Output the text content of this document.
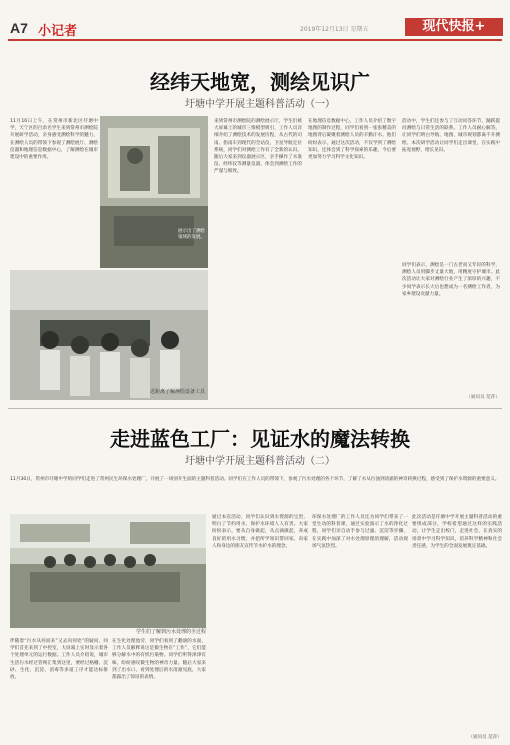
A7 小记者	2019年12月13日 星期五	现代快报+
经纬天地宽，测绘见识广
圩塘中学开展主题科普活动（一）
11月16日上午，在常州市新北区圩塘中学，天宁区的百余名学生来到常州市测绘院开展研学活动，亲身感受测绘科学的魅力，在测绘人员的带领下参观了测绘展厅、测绘仪器和地理信息数据中心，了解测绘在城市建设中的重要作用。
展示出了测绘领域的发展。
近距离了解测绘设备工具
来到常州市测绘院的测绘展示厅，学生们被大屏幕上的城市三维模型吸引，工作人员详细介绍了测绘技术的发展历程，从古代的司南、指南车到现代的全站仪、卫星导航定位系统，同学们对测绘工作有了全新的认识。随后大家来到仪器展示区，亲手操作了水准仪、经纬仪等测量仪器，体会到测绘工作的严谨与细致。
在地理信息数据中心，工作人员介绍了数字地图的制作过程，同学们看到一张张精美的地图背后凝聚着测绘人员的辛勤汗水。他们纷纷表示，通过这次活动，不仅学到了测绘知识，还体会到了科学探索的乐趣，今后要更加努力学习科学文化知识。
活动中，学生们还参与了互动问答环节，踊跃提问测绘与日常生活的联系。工作人员耐心解答，让同学们明白导航、地图、城市规划都离不开测绘。本次研学活动让同学们走出课堂，在实践中拓宽视野，增长见识。
同学们表示，测绘是一门古老而又年轻的科学，测绘人员用脚步丈量大地，用精度守护城市。此次活动让大家对测绘行业产生了浓厚的兴趣，不少同学表示长大后也想成为一名测绘工作者，为家乡建设贡献力量。
（通讯员 范萍）
走进蓝色工厂：见证水的魔法转换
圩塘中学开展主题科普活动（二）
11月30日，常州市圩塘中学的同学们走进了常州民生环保水处理厂，开展了一场别开生面的主题科普活动。同学们在工作人员的带领下，参观了污水处理的各个环节，了解了水从污浊到清澈的神奇转换过程，感受到了保护水资源的重要意义。
学生们了解到污水处理的全过程
伴随着“污水从何而来”又去向何处”的疑问，同学们首先来到了中控室，大屏幕上实时显示着各个处理单元的运行数据。工作人员介绍说，城市生活污水经过管网汇集到这里，要经过格栅、沉砂、生化、沉淀、消毒等多道工序才能达标排放。
在生化处理池旁，同学们看到了翻滚的水面，工作人员解释说这是微生物在“工作”，它们能够分解水中的有机污染物。同学们听得津津有味，纷纷感叹微生物的神奇力量。随后大家来到了出水口，看到处理后的水清澈见底，大家都露出了惊讶的表情。
通过本次活动，同学们认识到水资源的宝贵，明白了节约用水、保护水环境人人有责。大家纷纷表示，要从自身做起，从点滴做起，养成良好的用水习惯，并把所学知识带回家，向家人和身边的朋友宣传节水护水的理念。
环保水处理厂的工作人员还为同学们带来了一堂生动的科普课，通过实验演示了水的净化过程，同学们亲自动手参与过滤、沉淀等步骤，在实践中加深了对水处理原理的理解，活动现场气氛热烈。
此次活动是圩塘中学开展主题科普活动的重要组成部分，学校希望通过这样的实践活动，让学生走出校门，走进社会，在真实的场景中学习科学知识，培养科学精神和社会责任感，为学生的全面发展奠定基础。
（通讯员 范萍）
